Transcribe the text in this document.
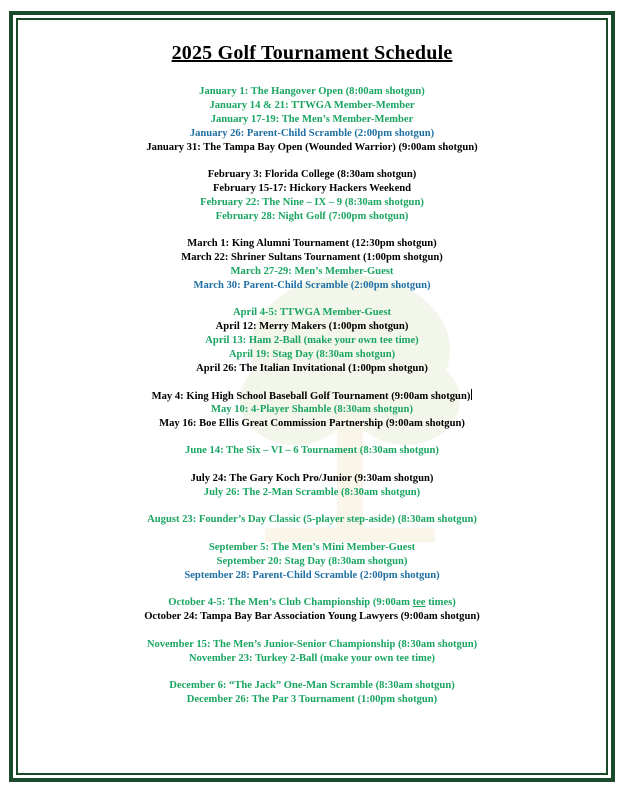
2025 Golf Tournament Schedule
January 1: The Hangover Open (8:00am shotgun)
January 14 & 21: TTWGA Member-Member
January 17-19: The Men’s Member-Member
January 26: Parent-Child Scramble (2:00pm shotgun)
January 31: The Tampa Bay Open (Wounded Warrior) (9:00am shotgun)
February 3: Florida College (8:30am shotgun)
February 15-17: Hickory Hackers Weekend
February 22: The Nine – IX – 9 (8:30am shotgun)
February 28: Night Golf (7:00pm shotgun)
March 1: King Alumni Tournament (12:30pm shotgun)
March 22: Shriner Sultans Tournament (1:00pm shotgun)
March 27-29: Men’s Member-Guest
March 30: Parent-Child Scramble (2:00pm shotgun)
April 4-5: TTWGA Member-Guest
April 12: Merry Makers (1:00pm shotgun)
April 13: Ham 2-Ball (make your own tee time)
April 19: Stag Day (8:30am shotgun)
April 26: The Italian Invitational (1:00pm shotgun)
May 4: King High School Baseball Golf Tournament (9:00am shotgun)
May 10: 4-Player Shamble (8:30am shotgun)
May 16: Boe Ellis Great Commission Partnership (9:00am shotgun)
June 14: The Six – VI – 6 Tournament (8:30am shotgun)
July 24: The Gary Koch Pro/Junior (9:30am shotgun)
July 26: The 2-Man Scramble (8:30am shotgun)
August 23: Founder’s Day Classic (5-player step-aside) (8:30am shotgun)
September 5: The Men’s Mini Member-Guest
September 20: Stag Day (8:30am shotgun)
September 28: Parent-Child Scramble (2:00pm shotgun)
October 4-5: The Men’s Club Championship (9:00am tee times)
October 24: Tampa Bay Bar Association Young Lawyers (9:00am shotgun)
November 15: The Men’s Junior-Senior Championship (8:30am shotgun)
November 23: Turkey 2-Ball (make your own tee time)
December 6: “The Jack” One-Man Scramble (8:30am shotgun)
December 26: The Par 3 Tournament (1:00pm shotgun)
